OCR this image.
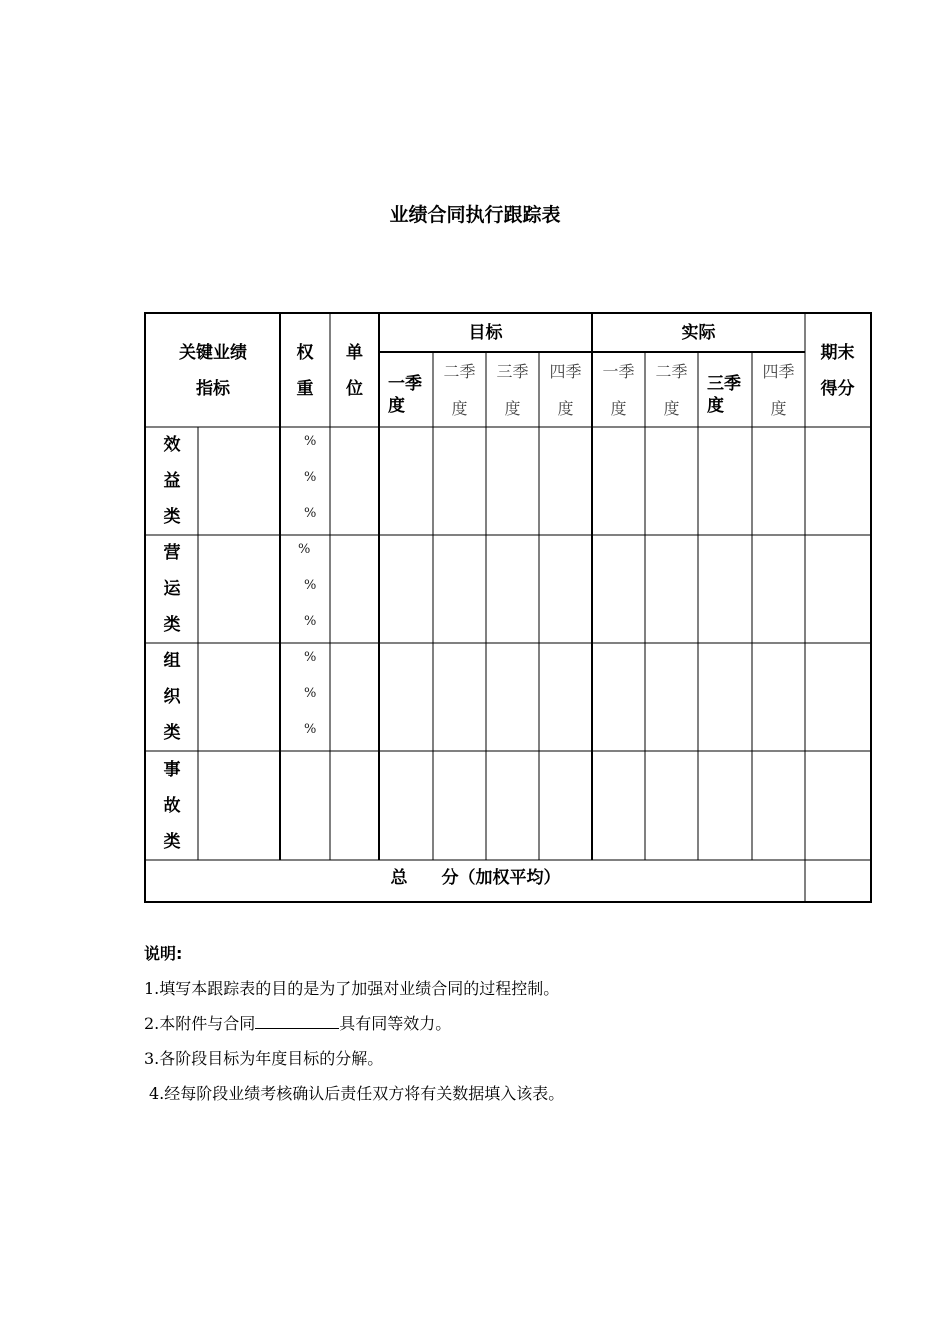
业绩合同执行跟踪表
关键业绩
指标
权
重
单
位
目标	实际
期末
得分
一季
度
二季
度
三季
度
四季
度
一季
度
二季
度
三季
度
四季
度
效
益
类
营
运
类
组
织
类
事
故
类
%
%
%
%
%
%
%
%
%
总　　分（加权平均）
说明:
1.填写本跟踪表的目的是为了加强对业绩合同的过程控制。
2.本附件与合同	具有同等效力。
3.各阶段目标为年度目标的分解。
4.经每阶段业绩考核确认后责任双方将有关数据填入该表。
